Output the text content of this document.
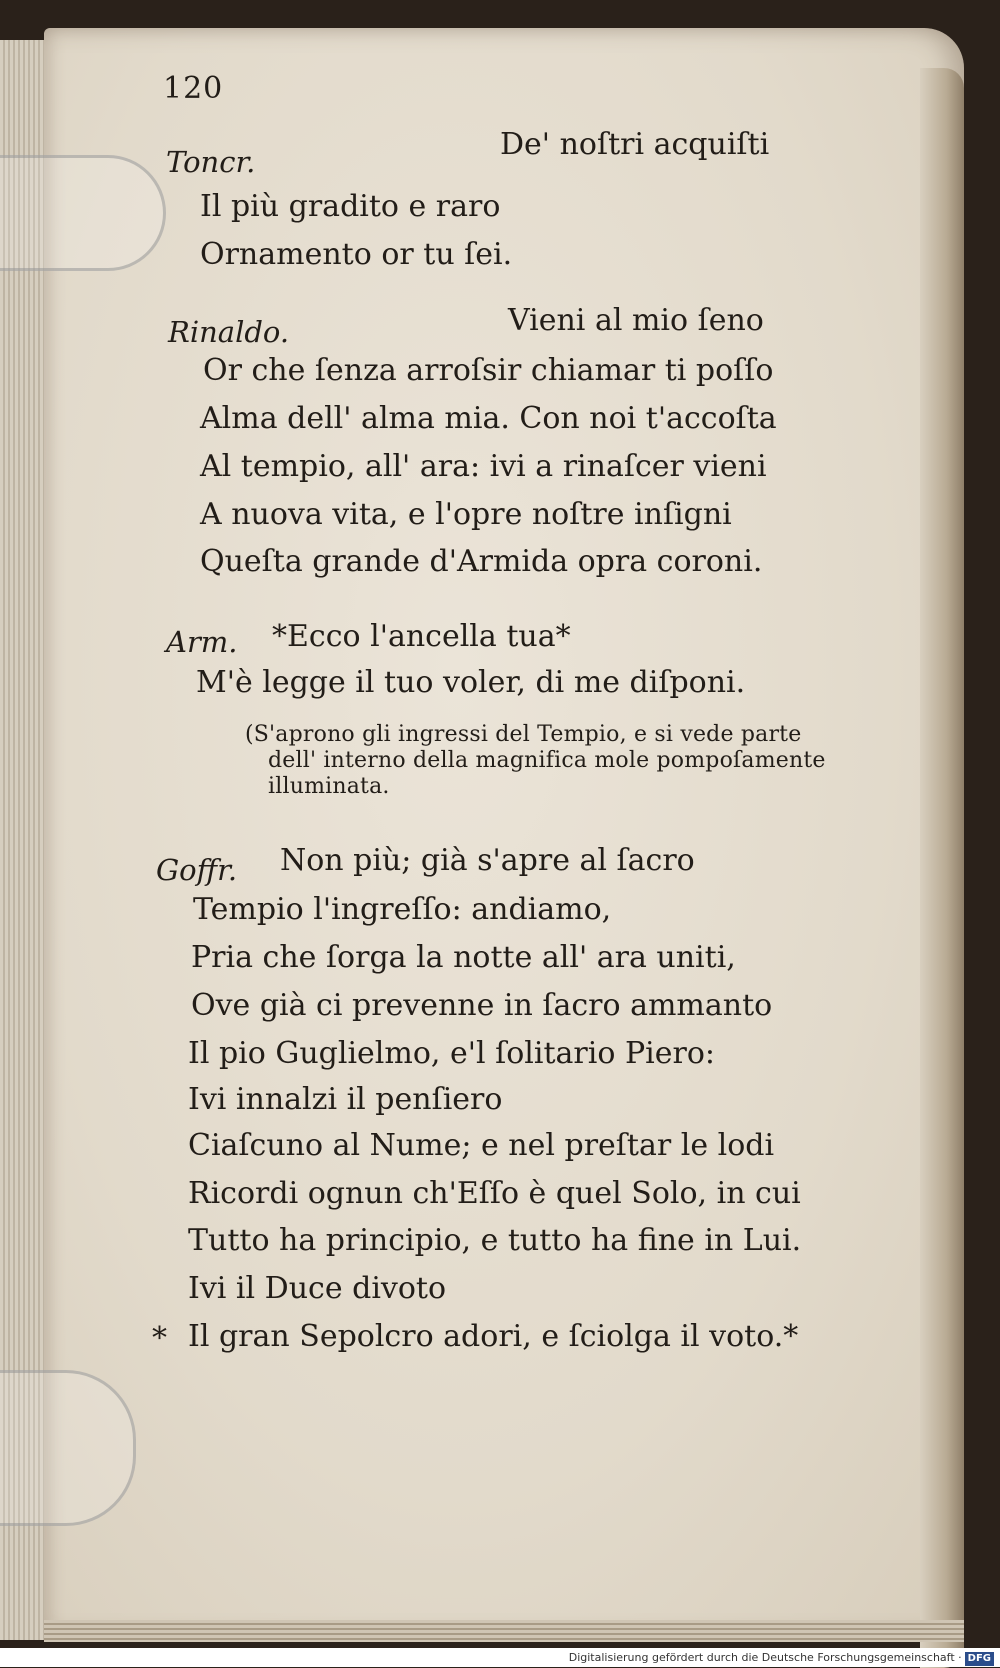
120
Toncr.	De' noſtri acquiſti
Il più gradito e raro
Ornamento or tu ſei.
Rinaldo.	Vieni al mio ſeno
Or che ſenza arroſsir chiamar ti poſſo
Alma dell' alma mia. Con noi t'accoſta
Al tempio, all' ara: ivi a rinaſcer vieni
A nuova vita, e l'opre noſtre inſigni
Queſta grande d'Armida opra coroni.
Arm. *Ecco l'ancella tua*
M'è legge il tuo voler, di me diſponi.
(S'aprono gli ingressi del Tempio, e si vede parte
dell' interno della magnifica mole pompoſamente
illuminata.
Goffr. Non più; già s'apre al ſacro
Tempio l'ingreſſo: andiamo,
Pria che ſorga la notte all' ara uniti,
Ove già ci prevenne in ſacro ammanto
Il pio Guglielmo, e'l ſolitario Piero:
Ivi innalzi il penſiero
Ciaſcuno al Nume; e nel preſtar le lodi
Ricordi ognun ch'Eſſo è quel Solo, in cui
Tutto ha principio, e tutto ha fine in Lui.
Ivi il Duce divoto
* Il gran Sepolcro adori, e ſciolga il voto.*
Digitalisierung gefördert durch die Deutsche Forschungsgemeinschaft · DFG
